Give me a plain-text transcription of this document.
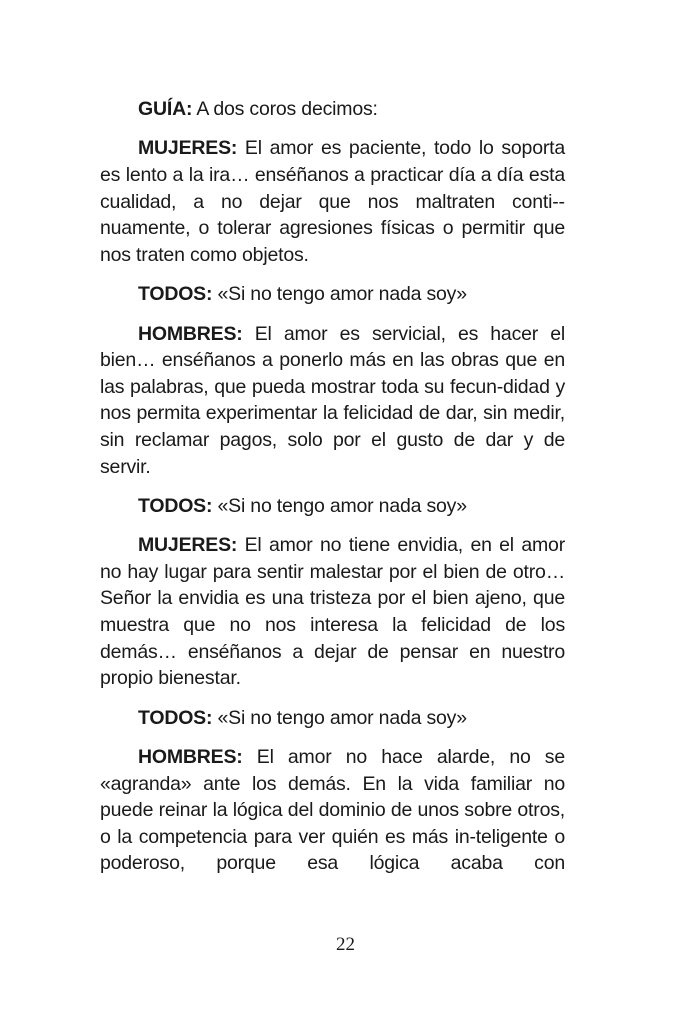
GUÍA: A dos coros decimos:

MUJERES: El amor es paciente, todo lo soporta es lento a la ira… enséñanos a practicar día a día esta cualidad, a no dejar que nos maltraten conti-nuamente, o tolerar agresiones físicas o permitir que nos traten como objetos.

TODOS: «Si no tengo amor nada soy»

HOMBRES: El amor es servicial, es hacer el bien… enséñanos a ponerlo más en las obras que en las palabras, que pueda mostrar toda su fecun-didad y nos permita experimentar la felicidad de dar, sin medir, sin reclamar pagos, solo por el gusto de dar y de servir.

TODOS: «Si no tengo amor nada soy»

MUJERES: El amor no tiene envidia, en el amor no hay lugar para sentir malestar por el bien de otro… Señor la envidia es una tristeza por el bien ajeno, que muestra que no nos interesa la felicidad de los demás… enséñanos a dejar de pensar en nuestro propio bienestar.

TODOS: «Si no tengo amor nada soy»

HOMBRES: El amor no hace alarde, no se «agranda» ante los demás. En la vida familiar no puede reinar la lógica del dominio de unos sobre otros, o la competencia para ver quién es más in-teligente o poderoso, porque esa lógica acaba con

22
